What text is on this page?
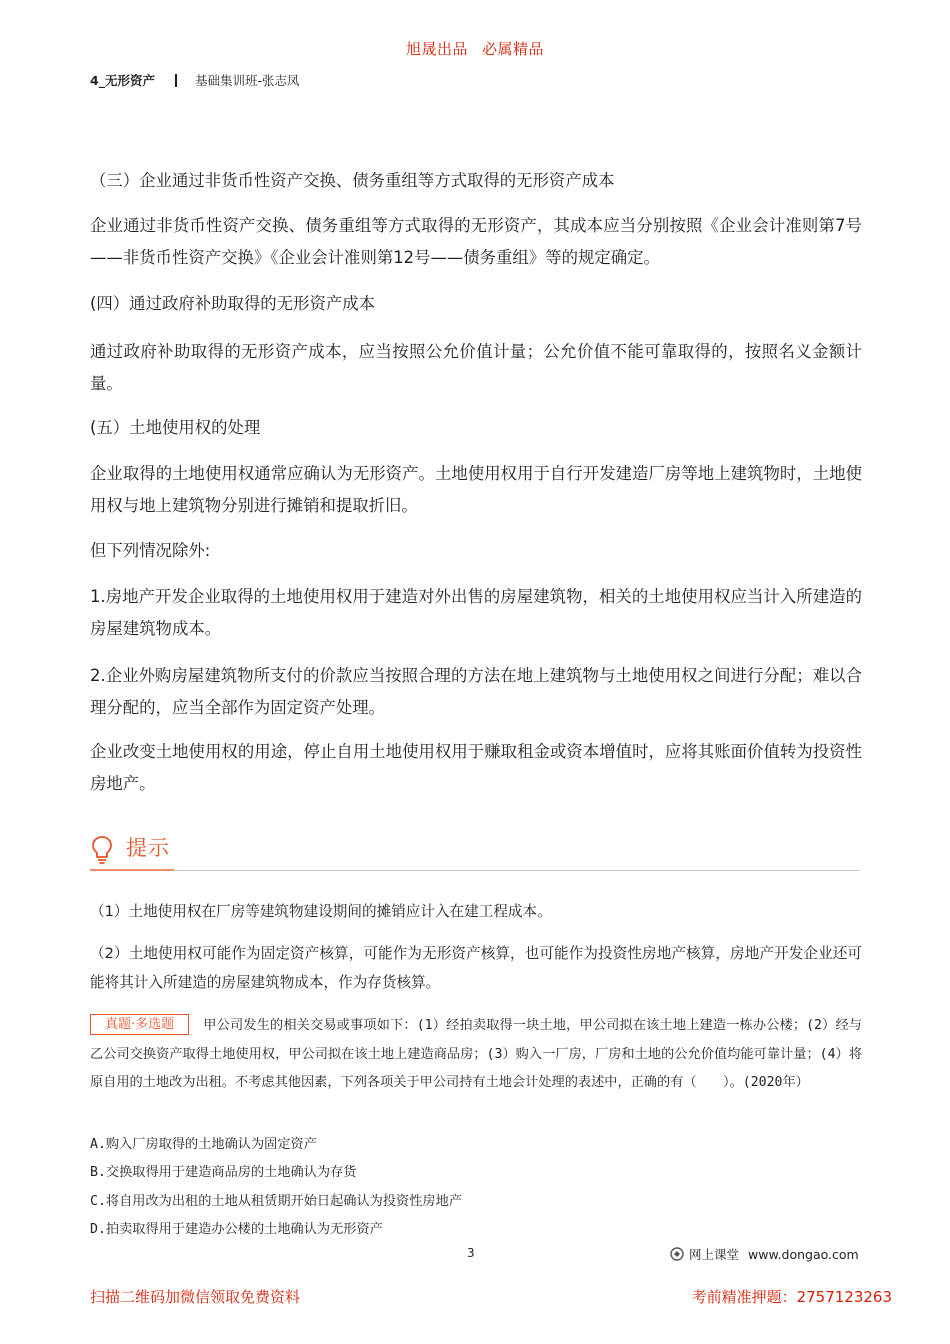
旭晟出品 必属精品
4_无形资产	基础集训班-张志凤

（三）企业通过非货币性资产交换、债务重组等方式取得的无形资产成本

企业通过非货币性资产交换、债务重组等方式取得的无形资产，其成本应当分别按照《企业会计准则第7号——非货币性资产交换》《企业会计准则第12号——债务重组》等的规定确定。

(四）通过政府补助取得的无形资产成本

通过政府补助取得的无形资产成本，应当按照公允价值计量；公允价值不能可靠取得的，按照名义金额计量。

(五）土地使用权的处理

企业取得的土地使用权通常应确认为无形资产。土地使用权用于自行开发建造厂房等地上建筑物时，土地使用权与地上建筑物分别进行摊销和提取折旧。

但下列情况除外:

1.房地产开发企业取得的土地使用权用于建造对外出售的房屋建筑物，相关的土地使用权应当计入所建造的房屋建筑物成本。

2.企业外购房屋建筑物所支付的价款应当按照合理的方法在地上建筑物与土地使用权之间进行分配；难以合理分配的，应当全部作为固定资产处理。

企业改变土地使用权的用途，停止自用土地使用权用于赚取租金或资本增值时，应将其账面价值转为投资性房地产。

提示

（1）土地使用权在厂房等建筑物建设期间的摊销应计入在建工程成本。

（2）土地使用权可能作为固定资产核算，可能作为无形资产核算，也可能作为投资性房地产核算，房地产开发企业还可能将其计入所建造的房屋建筑物成本，作为存货核算。

真题·多选题 甲公司发生的相关交易或事项如下：(1）经拍卖取得一块土地，甲公司拟在该土地上建造一栋办公楼；(2）经与乙公司交换资产取得土地使用权，甲公司拟在该土地上建造商品房；(3）购入一厂房，厂房和土地的公允价值均能可靠计量；(4）将原自用的土地改为出租。不考虑其他因素，下列各项关于甲公司持有土地会计处理的表述中，正确的有（　　）。(2020年）
A.购入厂房取得的土地确认为固定资产
B.交换取得用于建造商品房的土地确认为存货
C.将自用改为出租的土地从租赁期开始日起确认为投资性房地产
D.拍卖取得用于建造办公楼的土地确认为无形资产
3	网上课堂 www.dongao.com
扫描二维码加微信领取免费资料	考前精准押题：2757123263
